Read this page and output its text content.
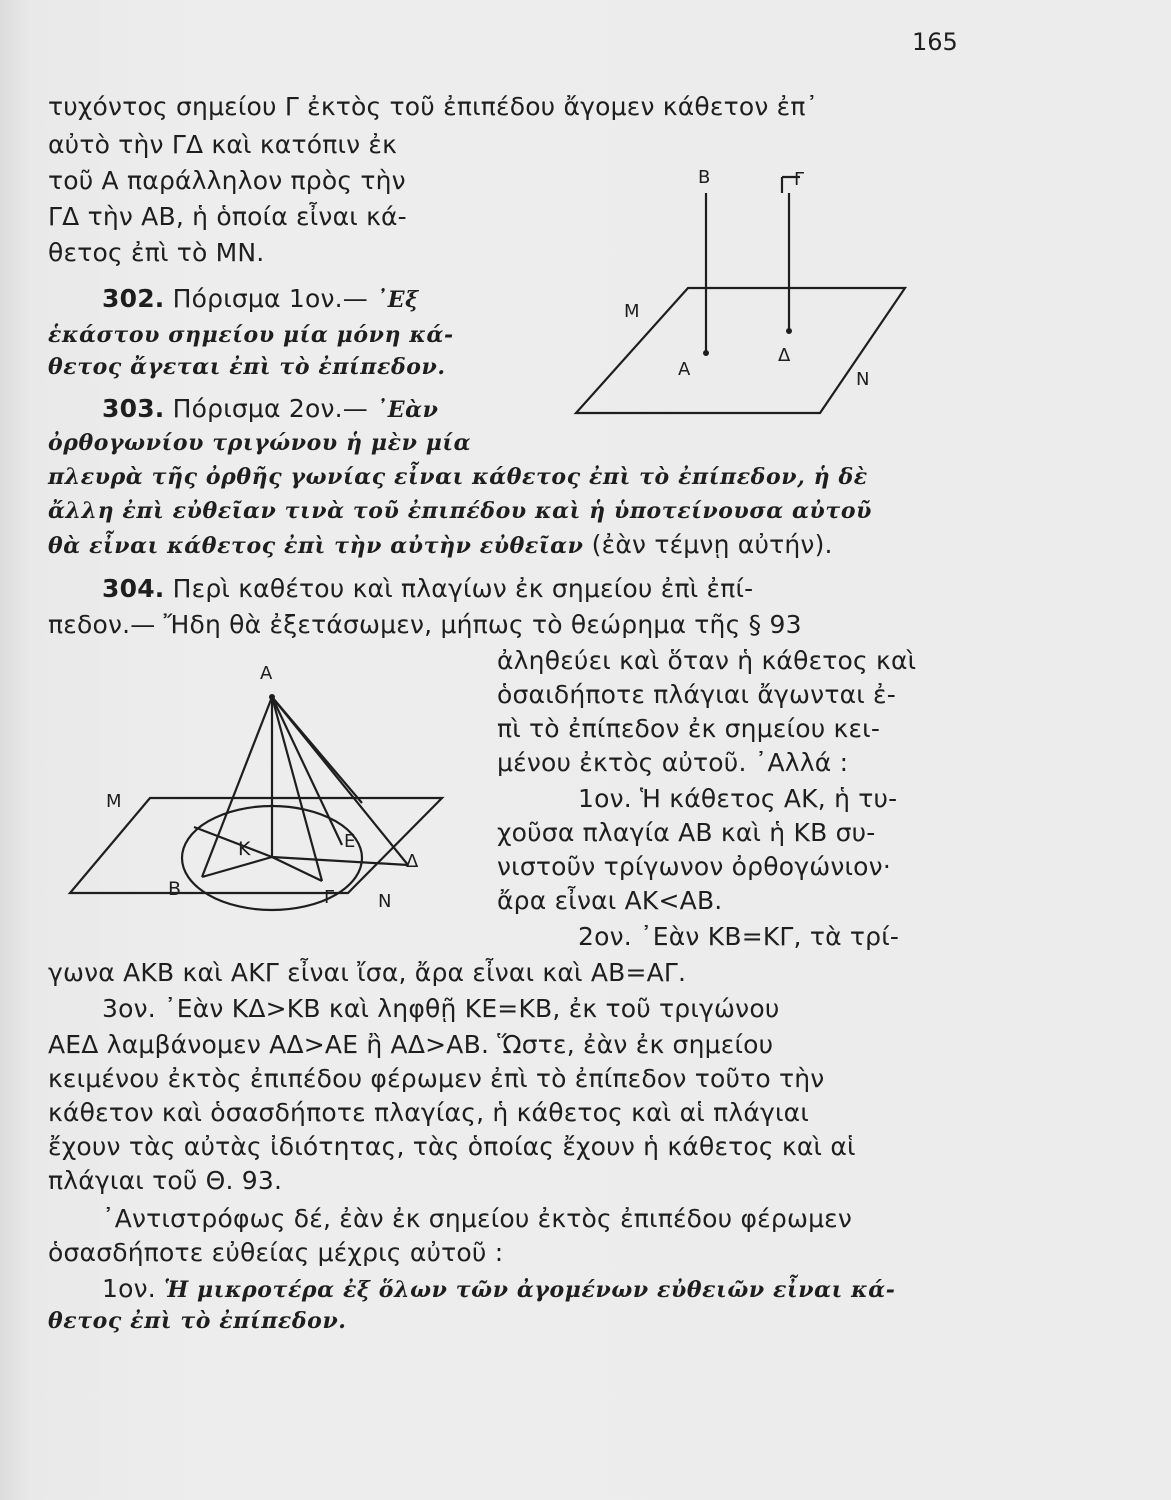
165
τυχόντος σημείου Γ ἐκτὸς τοῦ ἐπιπέδου ἄγομεν κάθετον ἐπ᾽
αὐτὸ τὴν ΓΔ καὶ κατόπιν ἐκ
τοῦ Α παράλληλον πρὸς τὴν
ΓΔ τὴν ΑΒ, ἡ ὁποία εἶναι κά-
θετος ἐπὶ τὸ ΜΝ.
302. Πόρισμα 1ον.— ᾿Εξ
ἑκάστου σημείου μία μόνη κά-
θετος ἄγεται ἐπὶ τὸ ἐπίπεδον.
303. Πόρισμα 2ον.— ᾿Εὰν
ὀρθογωνίου τριγώνου ἡ μὲν μία
πλευρὰ τῆς ὀρθῆς γωνίας εἶναι κάθετος ἐπὶ τὸ ἐπίπεδον, ἡ δὲ
ἄλλη ἐπὶ εὐθεῖαν τινὰ τοῦ ἐπιπέδου καὶ ἡ ὑποτείνουσα αὐτοῦ
θὰ εἶναι κάθετος ἐπὶ τὴν αὐτὴν εὐθεῖαν (ἐὰν τέμνῃ αὐτήν).
304. Περὶ καθέτου καὶ πλαγίων ἐκ σημείου ἐπὶ ἐπί-
πεδον.— Ἤδη θὰ ἐξετάσωμεν, μήπως τὸ θεώρημα τῆς § 93
ἀληθεύει καὶ ὅταν ἡ κάθετος καὶ
ὁσαιδήποτε πλάγιαι ἄγωνται ἐ-
πὶ τὸ ἐπίπεδον ἐκ σημείου κει-
μένου ἐκτὸς αὐτοῦ. ᾿Αλλά :
1ον. Ἡ κάθετος ΑΚ, ἡ τυ-
χοῦσα πλαγία ΑΒ καὶ ἡ ΚΒ συ-
νιστοῦν τρίγωνον ὀρθογώνιον·
ἄρα εἶναι ΑΚ<ΑΒ.
2ον. ᾿Εὰν ΚΒ=ΚΓ, τὰ τρί-
γωνα ΑΚΒ καὶ ΑΚΓ εἶναι ἴσα, ἄρα εἶναι καὶ ΑΒ=ΑΓ.
3ον. ᾿Εὰν ΚΔ>ΚΒ καὶ ληφθῇ ΚΕ=ΚΒ, ἐκ τοῦ τριγώνου
ΑΕΔ λαμβάνομεν ΑΔ>ΑΕ ἢ ΑΔ>ΑΒ. Ὥστε, ἐὰν ἐκ σημείου
κειμένου ἐκτὸς ἐπιπέδου φέρωμεν ἐπὶ τὸ ἐπίπεδον τοῦτο τὴν
κάθετον καὶ ὁσασδήποτε πλαγίας, ἡ κάθετος καὶ αἱ πλάγιαι
ἔχουν τὰς αὐτὰς ἰδιότητας, τὰς ὁποίας ἔχουν ἡ κάθετος καὶ αἱ
πλάγιαι τοῦ Θ. 93.
᾿Αντιστρόφως δέ, ἐὰν ἐκ σημείου ἐκτὸς ἐπιπέδου φέρωμεν
ὁσασδήποτε εὐθείας μέχρις αὐτοῦ :
1ον. Ἡ μικροτέρα ἐξ ὅλων τῶν ἀγομένων εὐθειῶν εἶναι κά-
θετος ἐπὶ τὸ ἐπίπεδον.
Β	Γ
Μ
Α
Δ
Ν
Α
Μ
Κ	Ε
Δ
Β	Γ Ν
